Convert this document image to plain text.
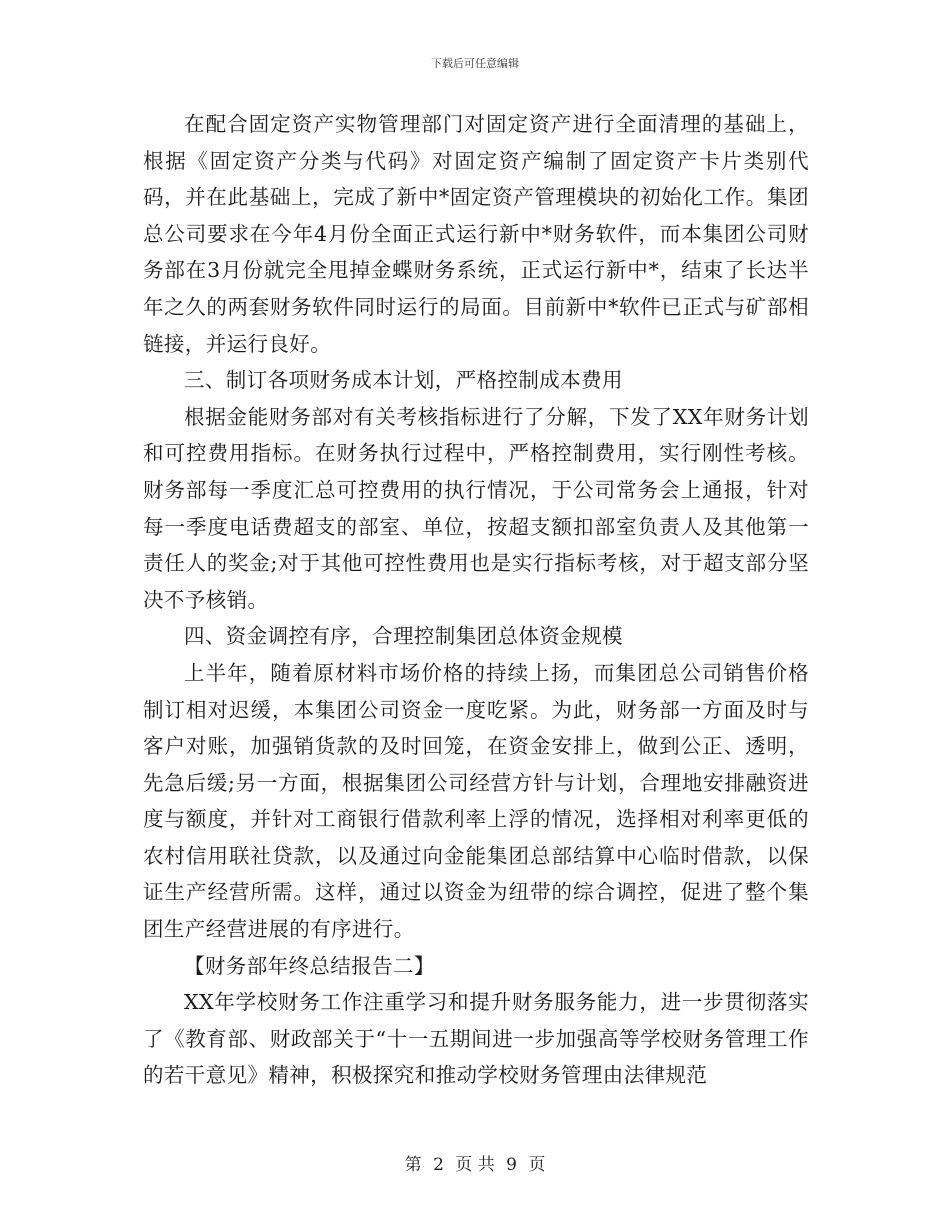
下载后可任意编辑

在配合固定资产实物管理部门对固定资产进行全面清理的基础上，根据《固定资产分类与代码》对固定资产编制了固定资产卡片类别代码，并在此基础上，完成了新中*固定资产管理模块的初始化工作。集团总公司要求在今年4月份全面正式运行新中*财务软件，而本集团公司财务部在3月份就完全甩掉金蝶财务系统，正式运行新中*，结束了长达半年之久的两套财务软件同时运行的局面。目前新中*软件已正式与矿部相链接，并运行良好。

三、制订各项财务成本计划，严格控制成本费用

根据金能财务部对有关考核指标进行了分解，下发了XX年财务计划和可控费用指标。在财务执行过程中，严格控制费用，实行刚性考核。财务部每一季度汇总可控费用的执行情况，于公司常务会上通报，针对每一季度电话费超支的部室、单位，按超支额扣部室负责人及其他第一责任人的奖金;对于其他可控性费用也是实行指标考核，对于超支部分坚决不予核销。

四、资金调控有序，合理控制集团总体资金规模

上半年，随着原材料市场价格的持续上扬，而集团总公司销售价格制订相对迟缓，本集团公司资金一度吃紧。为此，财务部一方面及时与客户对账，加强销货款的及时回笼，在资金安排上，做到公正、透明，先急后缓;另一方面，根据集团公司经营方针与计划，合理地安排融资进度与额度，并针对工商银行借款利率上浮的情况，选择相对利率更低的农村信用联社贷款，以及通过向金能集团总部结算中心临时借款，以保证生产经营所需。这样，通过以资金为纽带的综合调控，促进了整个集团生产经营进展的有序进行。

【财务部年终总结报告二】

XX年学校财务工作注重学习和提升财务服务能力，进一步贯彻落实了《教育部、财政部关于“十一五期间进一步加强高等学校财务管理工作的若干意见》精神，积极探究和推动学校财务管理由法律规范

第 2 页 共 9 页
